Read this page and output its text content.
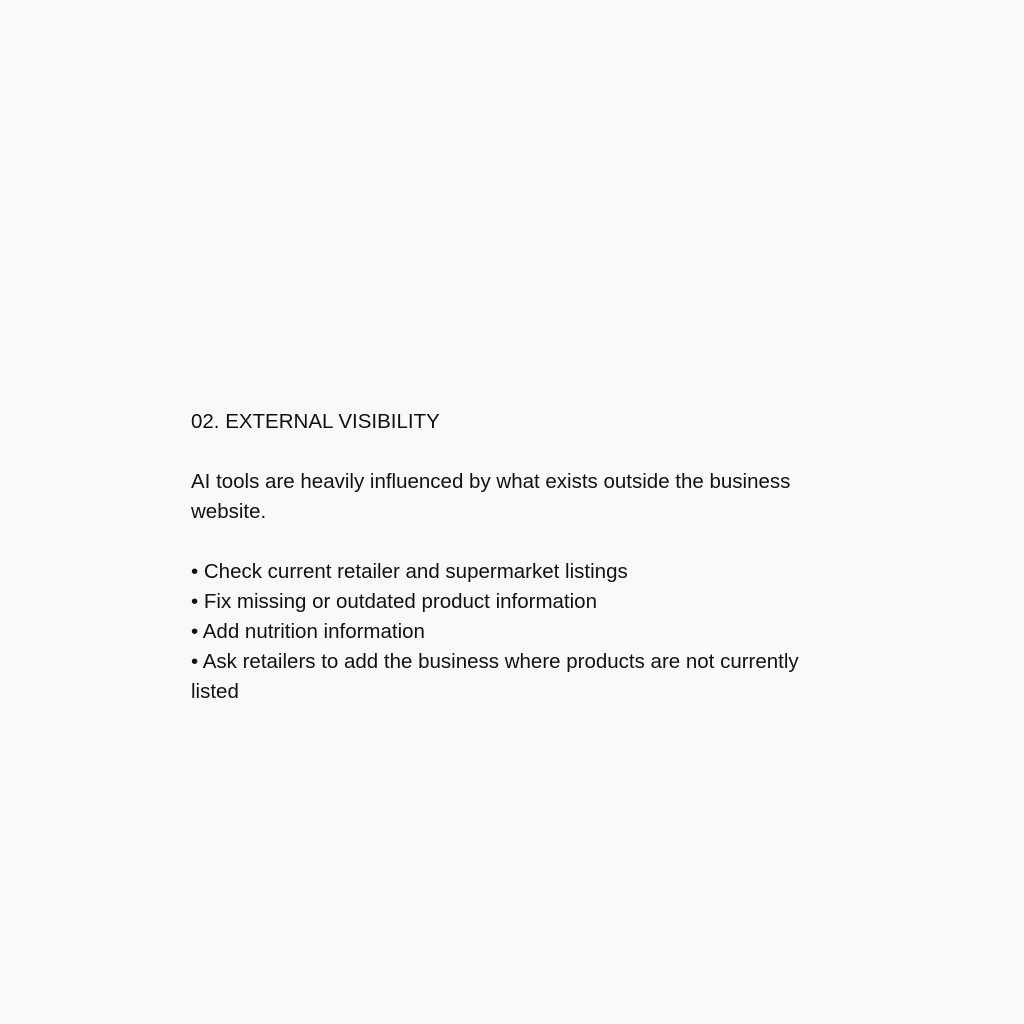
02. EXTERNAL VISIBILITY

AI tools are heavily influenced by what exists outside the business website.

• Check current retailer and supermarket listings
• Fix missing or outdated product information
• Add nutrition information
• Ask retailers to add the business where products are not currently listed
